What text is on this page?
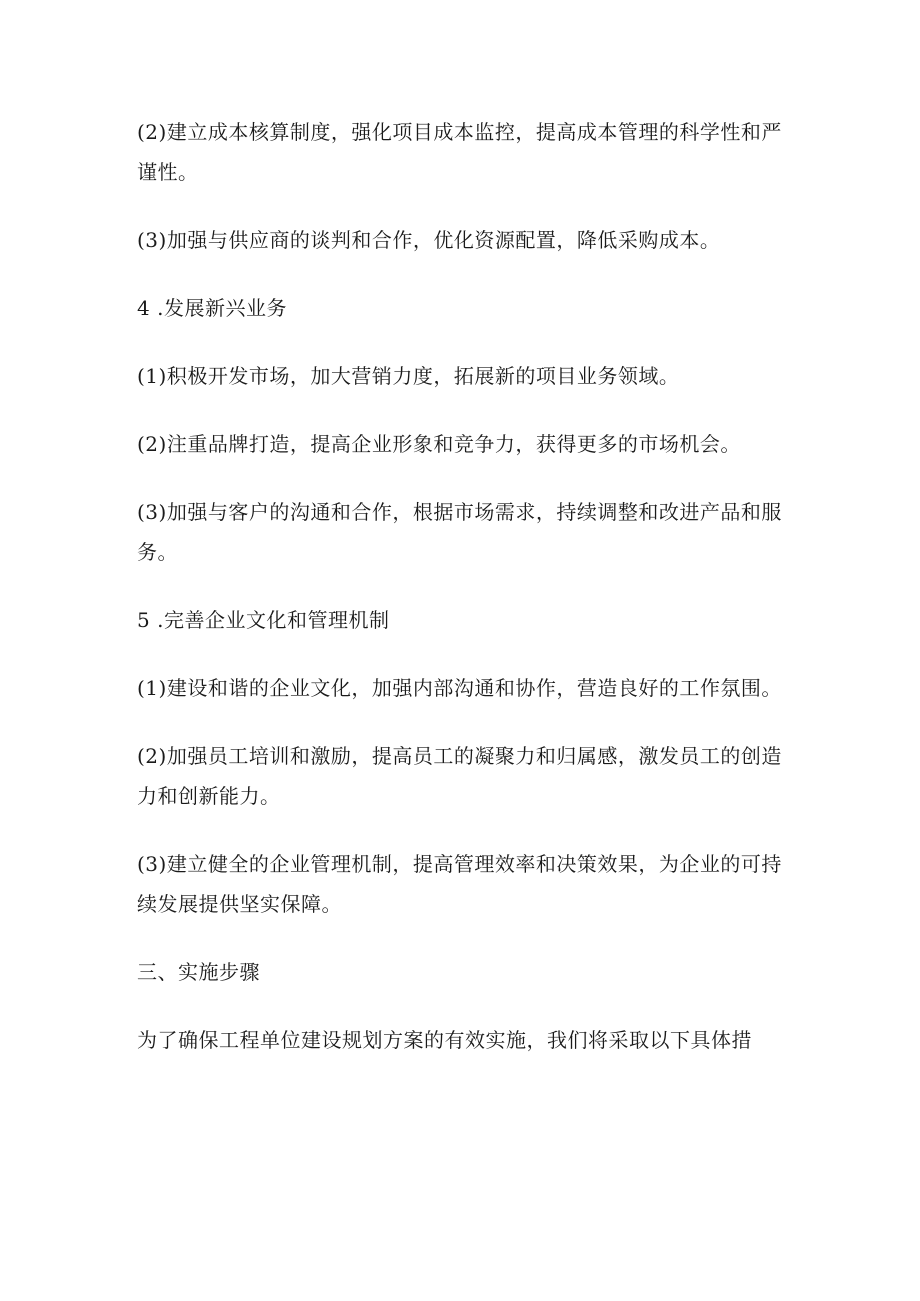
(2)建立成本核算制度，强化项目成本监控，提高成本管理的科学性和严谨性。

(3)加强与供应商的谈判和合作，优化资源配置，降低采购成本。

4 .发展新兴业务

(1)积极开发市场，加大营销力度，拓展新的项目业务领域。

(2)注重品牌打造，提高企业形象和竞争力，获得更多的市场机会。

(3)加强与客户的沟通和合作，根据市场需求，持续调整和改进产品和服务。

5 .完善企业文化和管理机制

(1)建设和谐的企业文化，加强内部沟通和协作，营造良好的工作氛围。

(2)加强员工培训和激励，提高员工的凝聚力和归属感，激发员工的创造力和创新能力。

(3)建立健全的企业管理机制，提高管理效率和决策效果，为企业的可持续发展提供坚实保障。

三、实施步骤

为了确保工程单位建设规划方案的有效实施，我们将采取以下具体措
